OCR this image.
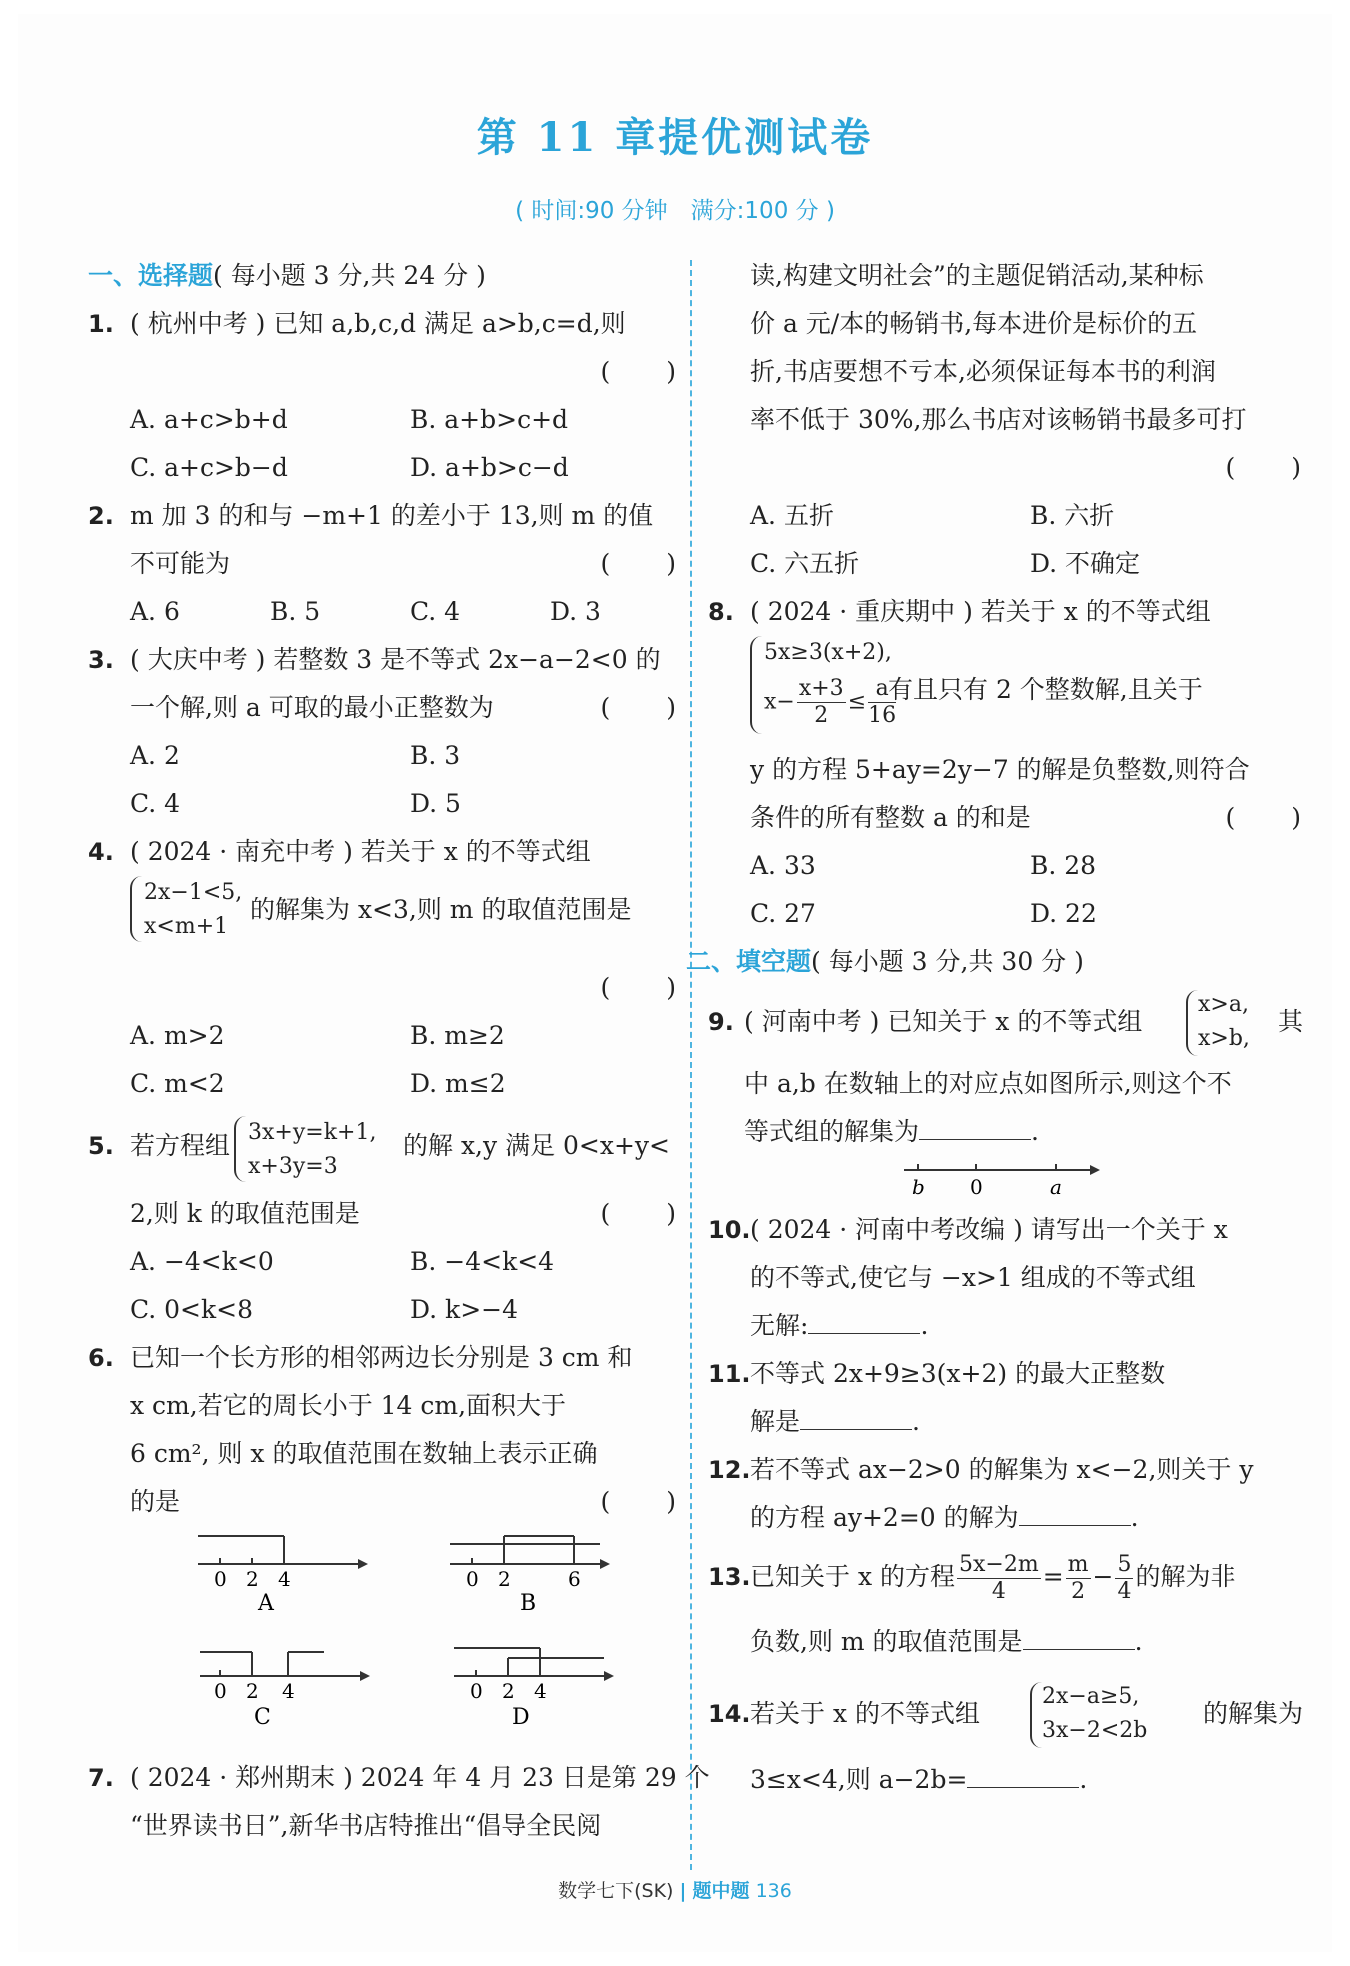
第 11 章提优测试卷
( 时间:90 分钟　满分:100 分 )
一、选择题( 每小题 3 分,共 24 分 )
1. ( 杭州中考 ) 已知 a,b,c,d 满足 a>b,c=d,则
(　　)
A. a+c>b+d	B. a+b>c+d
C. a+c>b−d	D. a+b>c−d
2. m 加 3 的和与 −m+1 的差小于 13,则 m 的值
不可能为	(　　)
A. 6	B. 5	C. 4	D. 3
3. ( 大庆中考 ) 若整数 3 是不等式 2x−a−2<0 的
一个解,则 a 可取的最小正整数为	(　　)
A. 2	B. 3
C. 4	D. 5
4. ( 2024 · 南充中考 ) 若关于 x 的不等式组
2x−1<5,
x<m+1
的解集为 x<3,则 m 的取值范围是
(　　)
A. m>2	B. m≥2
C. m<2	D. m≤2
5. 若方程组 3x+y=k+1,
x+3y=3
的解 x,y 满足 0<x+y<
2,则 k 的取值范围是	(　　)
A. −4<k<0	B. −4<k<4
C. 0<k<8	D. k>−4
6. 已知一个长方形的相邻两边长分别是 3 cm 和
x cm,若它的周长小于 14 cm,面积大于
6 cm², 则 x 的取值范围在数轴上表示正确
的是	(　　)
0 2 4
A
0 2	6
B
0 2 4
C
0 2 4
D
7. ( 2024 · 郑州期末 ) 2024 年 4 月 23 日是第 29 个
“世界读书日”,新华书店特推出“倡导全民阅
读,构建文明社会”的主题促销活动,某种标
价 a 元/本的畅销书,每本进价是标价的五
折,书店要想不亏本,必须保证每本书的利润
率不低于 30%,那么书店对该畅销书最多可打
(　　)
A. 五折	B. 六折
C. 六五折	D. 不确定
8. ( 2024 · 重庆期中 ) 若关于 x 的不等式组
5x≥3(x+2),
$x- \frac{x+3}{2} \le \frac{a}{16}$
有且只有 2 个整数解,且关于
y 的方程 5+ay=2y−7 的解是负整数,则符合
条件的所有整数 a 的和是	(　　)
A. 33	B. 28
C. 27	D. 22
二、填空题( 每小题 3 分,共 30 分 )
9. ( 河南中考 ) 已知关于 x 的不等式组
x>a,
x>b,
其
中 a,b 在数轴上的对应点如图所示,则这个不
等式组的解集为	.
b 0	a
10.( 2024 · 河南中考改编 ) 请写出一个关于 x
的不等式,使它与 −x>1 组成的不等式组
无解:	.
11.不等式 2x+9≥3(x+2) 的最大正整数
解是	.
12.若不等式 ax−2>0 的解集为 x<−2,则关于 y
的方程 ay+2=0 的解为	.
13.已知关于 x 的方程 $\frac{5x-2m}{4} = \frac{m}{2} - \frac{5}{4}$ 的解为非
负数,则 m 的取值范围是	.
14. 若关于 x 的不等式组
2x−a≥5,
3x−2<2b
的解集为
3≤x<4,则 a−2b=	.
数学七下(SK) | 题中题 136
